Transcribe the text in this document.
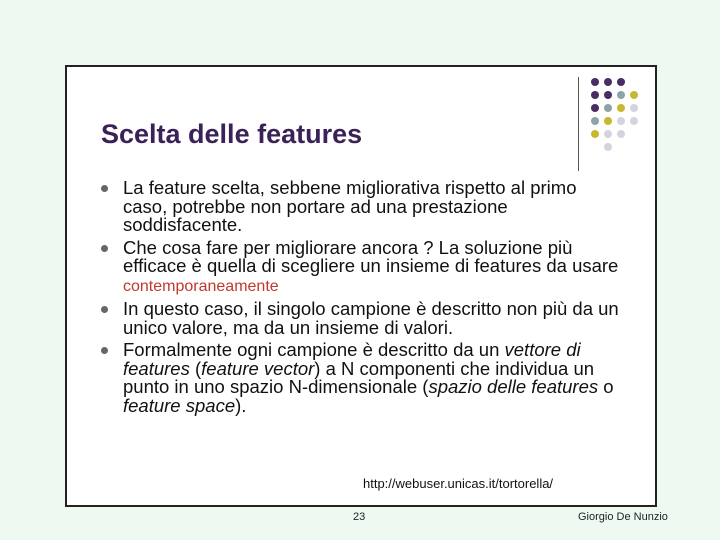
Scelta delle features
La feature scelta, sebbene migliorativa rispetto al primo caso, potrebbe non portare ad una prestazione soddisfacente.
Che cosa fare per migliorare ancora ? La soluzione più efficace è quella di scegliere un insieme di features da usare contemporaneamente
In questo caso, il singolo campione è descritto non più da un unico valore, ma da un insieme di valori.
Formalmente ogni campione è descritto da un vettore di features (feature vector) a N componenti che individua un punto in uno spazio N-dimensionale (spazio delle features o feature space).
http://webuser.unicas.it/tortorella/
23	Giorgio De Nunzio
